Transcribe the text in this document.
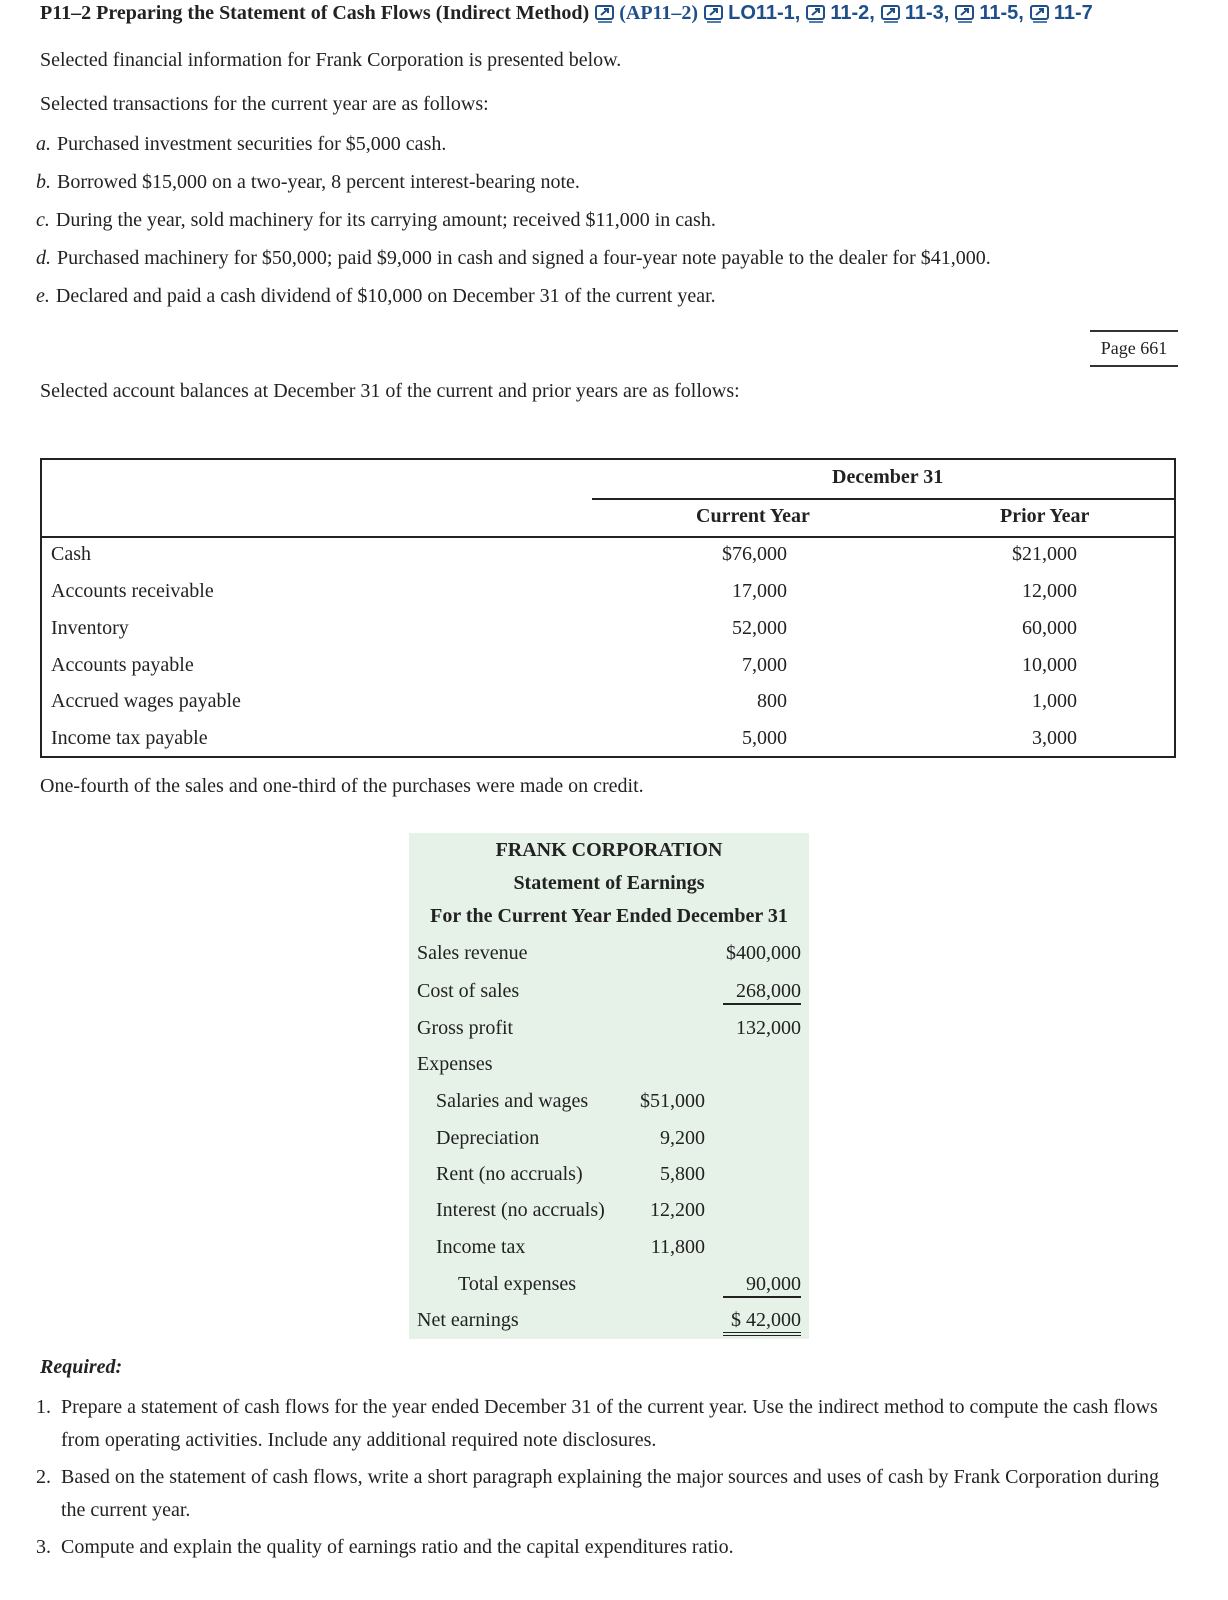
P11–2 Preparing the Statement of Cash Flows (Indirect Method) (AP11–2) LO11-1, 11-2, 11-3, 11-5, 11-7
Selected financial information for Frank Corporation is presented below.
Selected transactions for the current year are as follows:
a. Purchased investment securities for $5,000 cash.
b. Borrowed $15,000 on a two-year, 8 percent interest-bearing note.
c. During the year, sold machinery for its carrying amount; received $11,000 in cash.
d. Purchased machinery for $50,000; paid $9,000 in cash and signed a four-year note payable to the dealer for $41,000.
e. Declared and paid a cash dividend of $10,000 on December 31 of the current year.
Page 661
Selected account balances at December 31 of the current and prior years are as follows:
December 31
Current Year	Prior Year
Cash	$76,000	$21,000
Accounts receivable	17,000	12,000
Inventory	52,000	60,000
Accounts payable	7,000	10,000
Accrued wages payable	800	1,000
Income tax payable	5,000	3,000
One-fourth of the sales and one-third of the purchases were made on credit.
FRANK CORPORATION
Statement of Earnings
For the Current Year Ended December 31
Sales revenue	$400,000
Cost of sales	268,000
Gross profit	132,000
Expenses
Salaries and wages	$51,000
Depreciation	9,200
Rent (no accruals)	5,800
Interest (no accruals) 12,200
Income tax	11,800
Total expenses	90,000
Net earnings	$ 42,000
Required:
1. Prepare a statement of cash flows for the year ended December 31 of the current year. Use the indirect method to compute the cash flows from operating activities. Include any additional required note disclosures.
2. Based on the statement of cash flows, write a short paragraph explaining the major sources and uses of cash by Frank Corporation during the current year.
3. Compute and explain the quality of earnings ratio and the capital expenditures ratio.
